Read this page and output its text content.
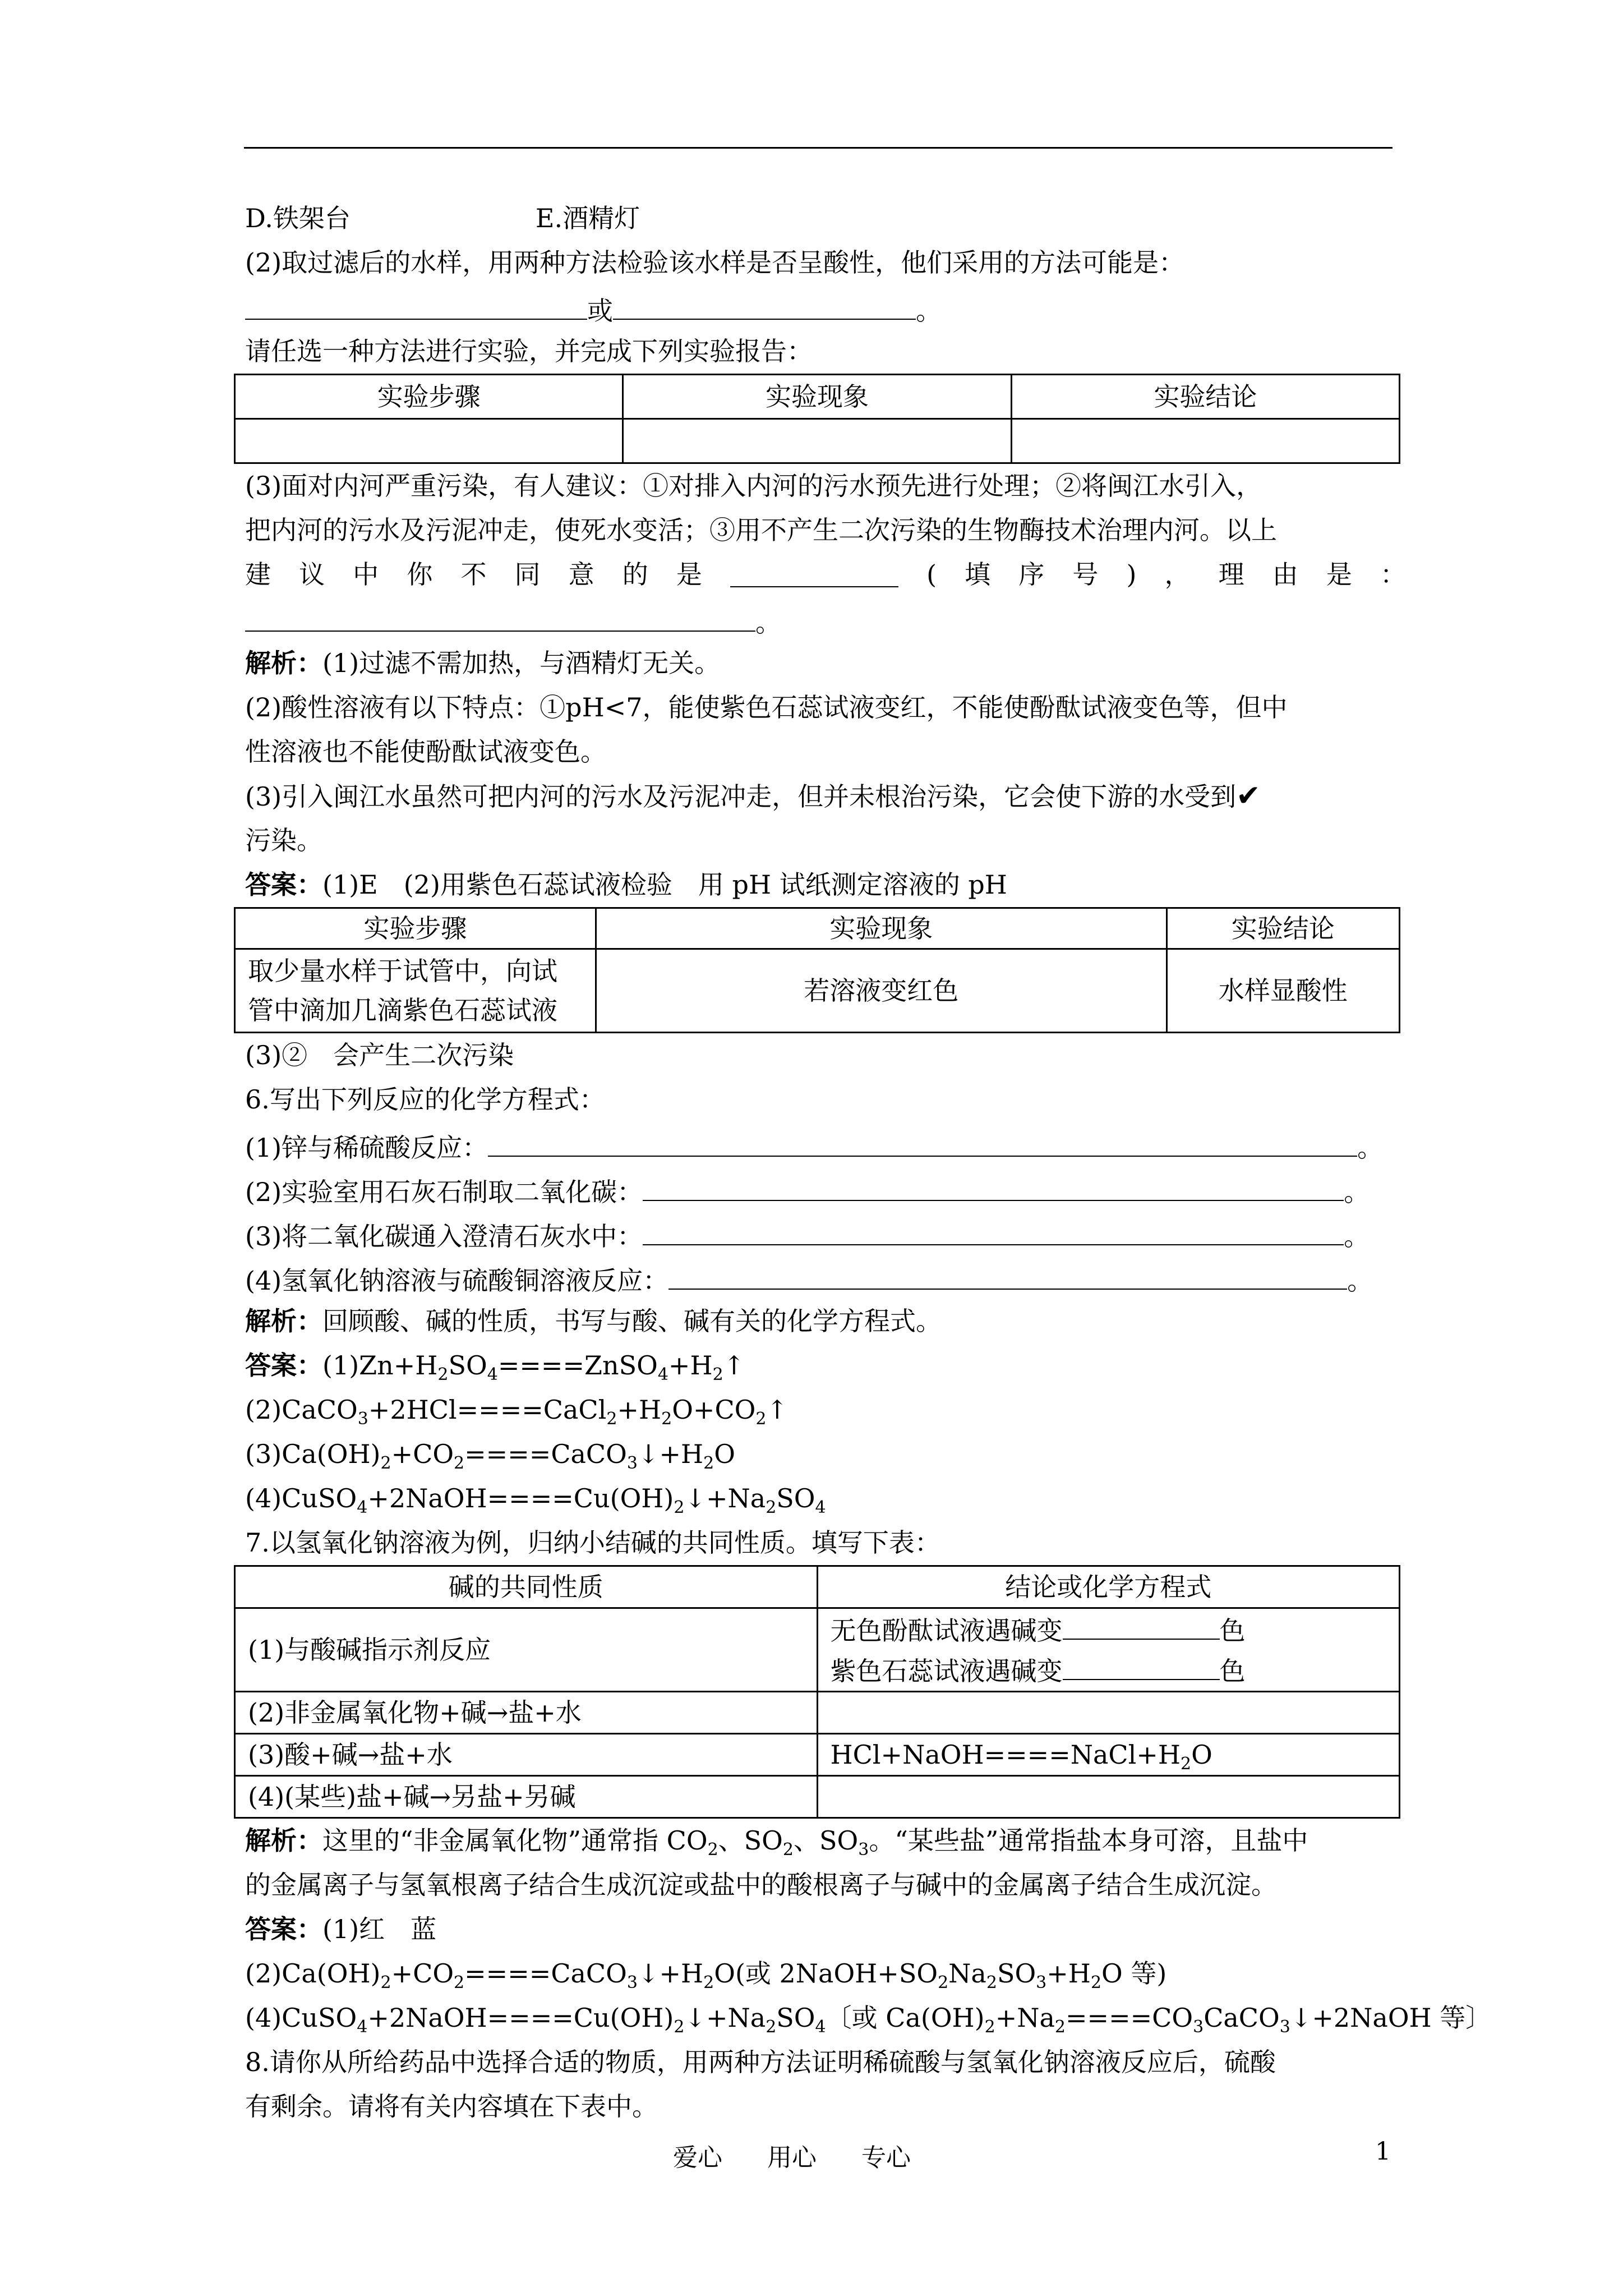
D.铁架台	E.酒精灯
(2)取过滤后的水样，用两种方法检验该水样是否呈酸性，他们采用的方法可能是：
或	。
请任选一种方法进行实验，并完成下列实验报告：
实验步骤	实验现象	实验结论

(3)面对内河严重污染，有人建议：①对排入内河的污水预先进行处理；②将闽江水引入，
把内河的污水及污泥冲走，使死水变活；③用不产生二次污染的生物酶技术治理内河。以上
建 议 中 你 不 同 意 的 是	( 填 序 号 ) ， 理 由 是 ：
。
解析：(1)过滤不需加热，与酒精灯无关。
(2)酸性溶液有以下特点：①pH<7，能使紫色石蕊试液变红，不能使酚酞试液变色等，但中
性溶液也不能使酚酞试液变色。
(3)引入闽江水虽然可把内河的污水及污泥冲走，但并未根治污染，它会使下游的水受到✔
污染。
答案：(1)E　(2)用紫色石蕊试液检验　用 pH 试纸测定溶液的 pH
实验步骤	实验现象	实验结论

取少量水样于试管中，向试
管中滴加几滴紫色石蕊试液	若溶液变红色	水样显酸性
(3)②　会产生二次污染
6.写出下列反应的化学方程式：
(1)锌与稀硫酸反应：	。
(2)实验室用石灰石制取二氧化碳：	。
(3)将二氧化碳通入澄清石灰水中：	。
(4)氢氧化钠溶液与硫酸铜溶液反应：	。
解析：回顾酸、碱的性质，书写与酸、碱有关的化学方程式。
答案：$(1)Zn+H_2SO_4====ZnSO_4+H_2↑$
$(2)CaCO_3+2HCl====CaCl_2+H_2O+CO_2↑$
$(3)Ca(OH)_2+CO_2====CaCO_3↓+H_2O$
$(4)CuSO_4+2NaOH====Cu(OH)_2↓+Na_2SO_4$
7.以氢氧化钠溶液为例，归纳小结碱的共同性质。填写下表：
碱的共同性质	结论或化学方程式
(1)与酸碱指示剂反应	无色酚酞试液遇碱变 色
紫色石蕊试液遇碱变 色

(2)非金属氧化物+碱→盐+水	
(3)酸+碱→盐+水	$HCl+NaOH====NaCl+H_2O$
(4)(某些)盐+碱→另盐+另碱	
解析：这里的“非金属氧化物”通常指 $CO_2$、$SO_2$、$SO_3$。“某些盐”通常指盐本身可溶，且盐中
的金属离子与氢氧根离子结合生成沉淀或盐中的酸根离子与碱中的金属离子结合生成沉淀。
答案：(1)红　蓝
$(2)Ca(OH)_2+CO_2====CaCO_3↓+H_2O$(或 $2NaOH+SO_2Na_2SO_3+H_2O$ 等)
$(4)CuSO_4+2NaOH====Cu(OH)_2↓+Na_2SO_4$〔或 $Ca(OH)_2+Na_2====CO_3CaCO_3↓+2NaOH$ 等〕
8.请你从所给药品中选择合适的物质，用两种方法证明稀硫酸与氢氧化钠溶液反应后，硫酸
有剩余。请将有关内容填在下表中。
爱心 用心 专心	1
